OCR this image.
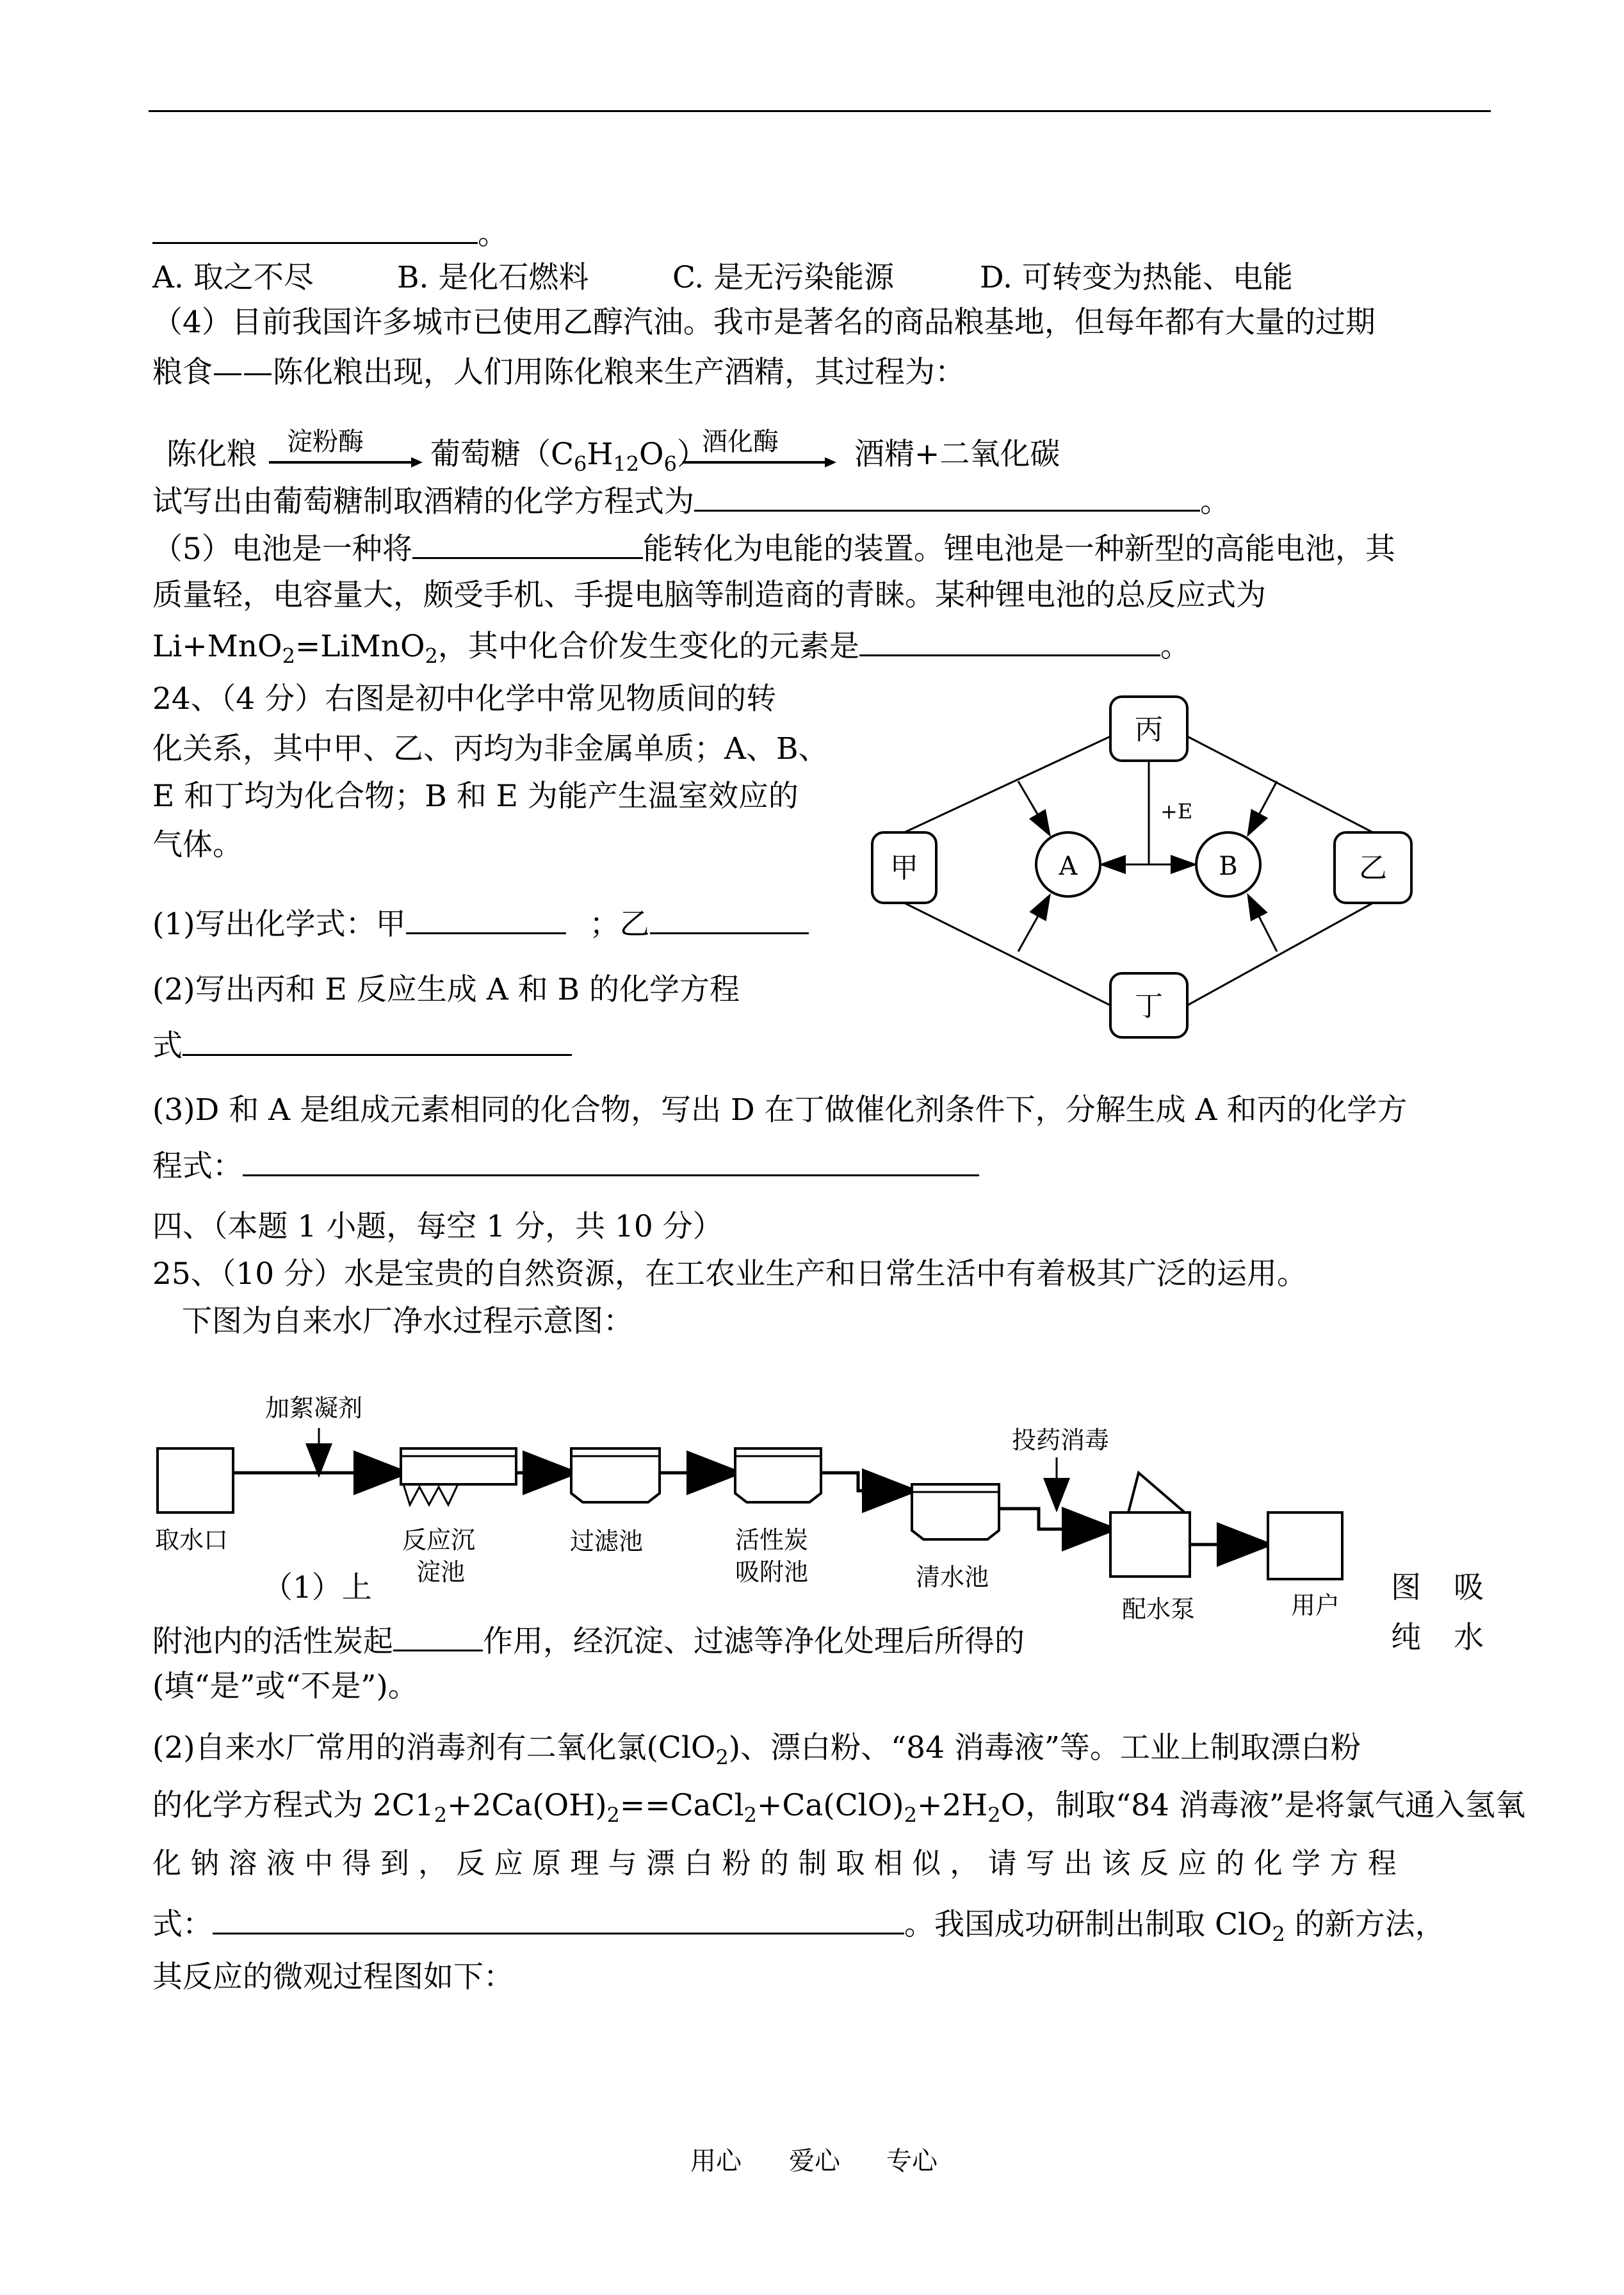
。
A. 取之不尽	B. 是化石燃料	C. 是无污染能源	D. 可转变为热能、电能
（4）目前我国许多城市已使用乙醇汽油。我市是著名的商品粮基地，但每年都有大量的过期
粮食——陈化粮出现，人们用陈化粮来生产酒精，其过程为：
陈化粮 淀粉酶 葡萄糖$(C_6H_{12}O_6)$
酒化酶	酒精+二氧化碳
试写出由葡萄糖制取酒精的化学方程式为	。
（5）电池是一种将	能转化为电能的装置。锂电池是一种新型的高能电池，其
质量轻，电容量大，颇受手机、手提电脑等制造商的青睐。某种锂电池的总反应式为
Li+MnO$_2$=LiMnO$_2$，其中化合价发生变化的元素是	。
24、（4 分）右图是初中化学中常见物质间的转
化关系，其中甲、乙、丙均为非金属单质；A、B、
E 和丁均为化合物；B 和 E 为能产生温室效应的
气体。
(1)写出化学式：甲	；乙
(2)写出丙和 E 反应生成 A 和 B 的化学方程
式
(3)D 和 A 是组成元素相同的化合物，写出 D 在丁做催化剂条件下，分解生成 A 和丙的化学方
程式：
丙
甲	乙
丁
A	B
+E
四、（本题 1 小题，每空 1 分，共 10 分）
25、（10 分）水是宝贵的自然资源，在工农业生产和日常生活中有着极其广泛的运用。
下图为自来水厂净水过程示意图：
加絮凝剂
投药消毒
取水口	反应沉
淀池
过滤池	活性炭
吸附池	清水池
配水泵	用户
（1）上	图 吸
附池内的活性炭起	作用，经沉淀、过滤等净化处理后所得的	纯 水
(填“是”或“不是”)。
(2)自来水厂常用的消毒剂有二氧化氯(ClO$_2$)、漂白粉、“84 消毒液”等。工业上制取漂白粉
的化学方程式为 $2C1_2+2Ca(OH)_2==CaCl_2+Ca(ClO)_2+2H_2O$，制取“84 消毒液”是将氯气通入氢氧
化 钠 溶 液 中 得 到 ， 反 应 原 理 与 漂 白 粉 的 制 取 相 似 ， 请 写 出 该 反 应 的 化 学 方 程
式：	。我国成功研制出制取 ClO$_2$ 的新方法，
其反应的微观过程图如下：
用心 爱心 专心
